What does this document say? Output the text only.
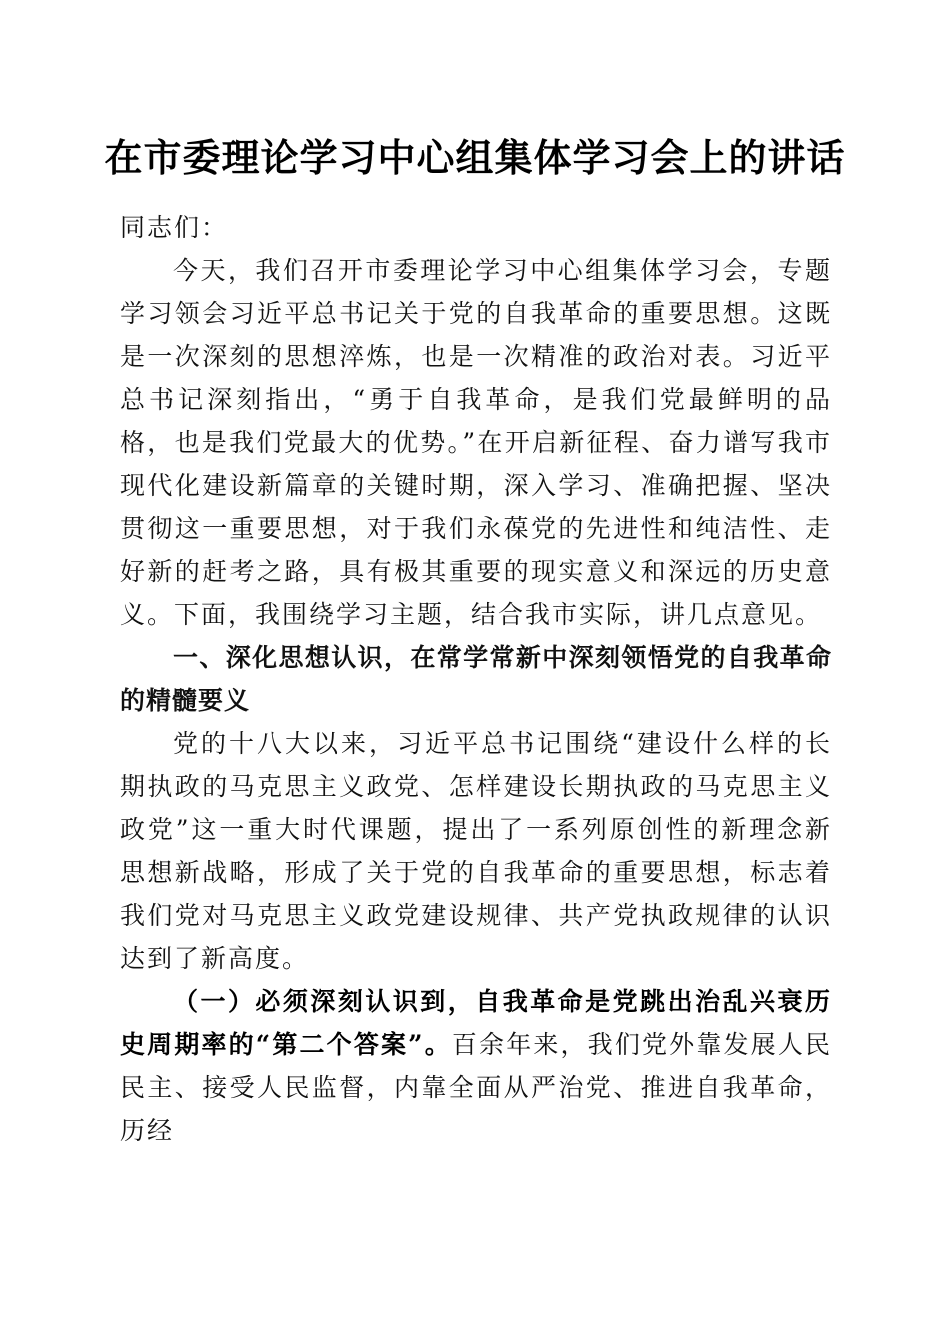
在市委理论学习中心组集体学习会上的讲话

同志们：

今天，我们召开市委理论学习中心组集体学习会，专题学习领会习近平总书记关于党的自我革命的重要思想。这既是一次深刻的思想淬炼，也是一次精准的政治对表。习近平总书记深刻指出，“勇于自我革命，是我们党最鲜明的品格，也是我们党最大的优势。”在开启新征程、奋力谱写我市现代化建设新篇章的关键时期，深入学习、准确把握、坚决贯彻这一重要思想，对于我们永葆党的先进性和纯洁性、走好新的赶考之路，具有极其重要的现实意义和深远的历史意义。下面，我围绕学习主题，结合我市实际，讲几点意见。

一、深化思想认识，在常学常新中深刻领悟党的自我革命的精髓要义

党的十八大以来，习近平总书记围绕“建设什么样的长期执政的马克思主义政党、怎样建设长期执政的马克思主义政党”这一重大时代课题，提出了一系列原创性的新理念新思想新战略，形成了关于党的自我革命的重要思想，标志着我们党对马克思主义政党建设规律、共产党执政规律的认识达到了新高度。

（一）必须深刻认识到，自我革命是党跳出治乱兴衰历史周期率的“第二个答案”。百余年来，我们党外靠发展人民民主、接受人民监督，内靠全面从严治党、推进自我革命，历经
